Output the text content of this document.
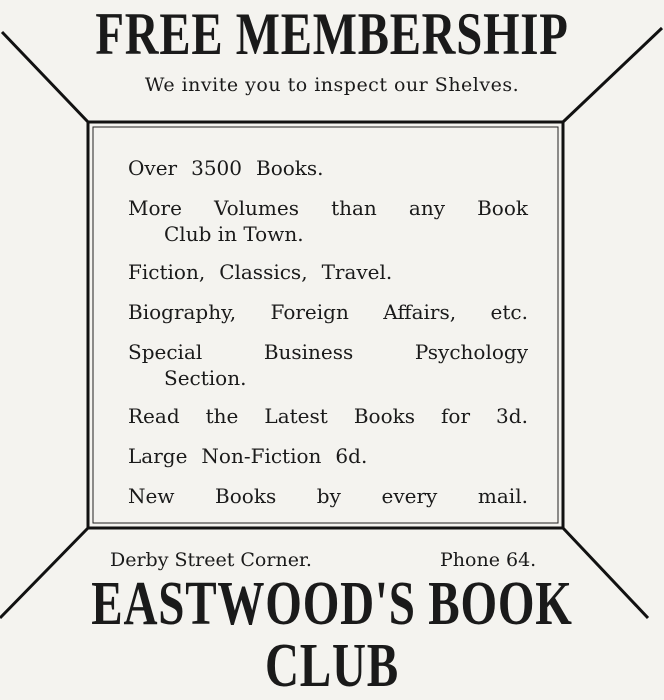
FREE MEMBERSHIP
We invite you to inspect our Shelves.
Over 3500 Books.
More Volumes than any Book
Club in Town.
Fiction, Classics, Travel.
Biography, Foreign Affairs, etc.
Special	Business	Psychology
Section.
Read the Latest Books for 3d.
Large Non-Fiction 6d.
New Books by every mail.
Derby Street Corner.	Phone 64.
EASTWOOD'S BOOK CLUB
